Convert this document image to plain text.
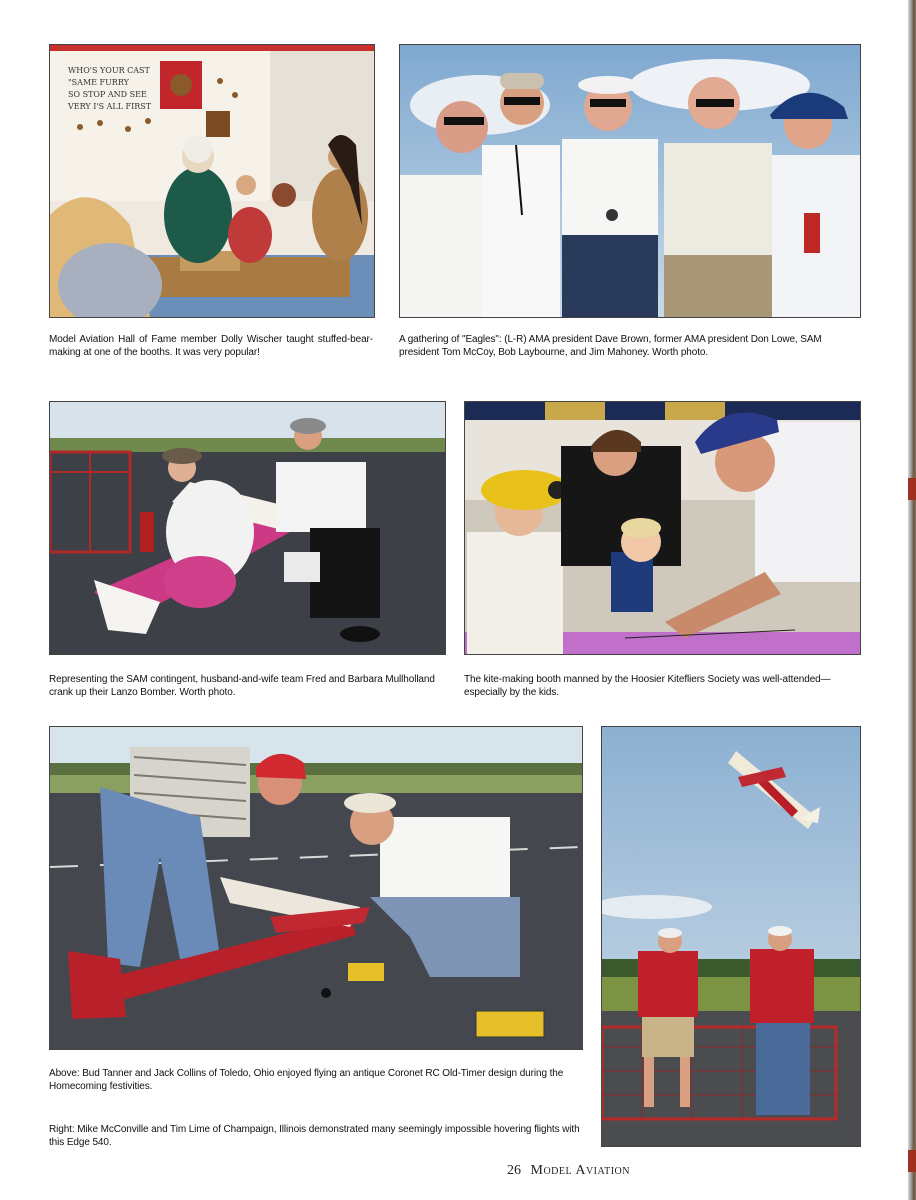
WHO'S YOUR CAST
"SAME FURRY
SO STOP AND SEE
VERY I'S ALL FIRST

Model Aviation Hall of Fame member Dolly Wischer taught stuffed-bear-making at one of the booths. It was very popular!

A gathering of "Eagles": (L-R) AMA president Dave Brown, former AMA president Don Lowe, SAM president Tom McCoy, Bob Laybourne, and Jim Mahoney. Worth photo.

Representing the SAM contingent, husband-and-wife team Fred and Barbara Mullholland crank up their Lanzo Bomber. Worth photo.

The kite-making booth manned by the Hoosier Kitefliers Society was well-attended—especially by the kids.

Above: Bud Tanner and Jack Collins of Toledo, Ohio enjoyed flying an antique Coronet RC Old-Timer design during the Homecoming festivities.

Right: Mike McConville and Tim Lime of Champaign, Illinois demonstrated many seemingly impossible hovering flights with this Edge 540.

26 Model Aviation
